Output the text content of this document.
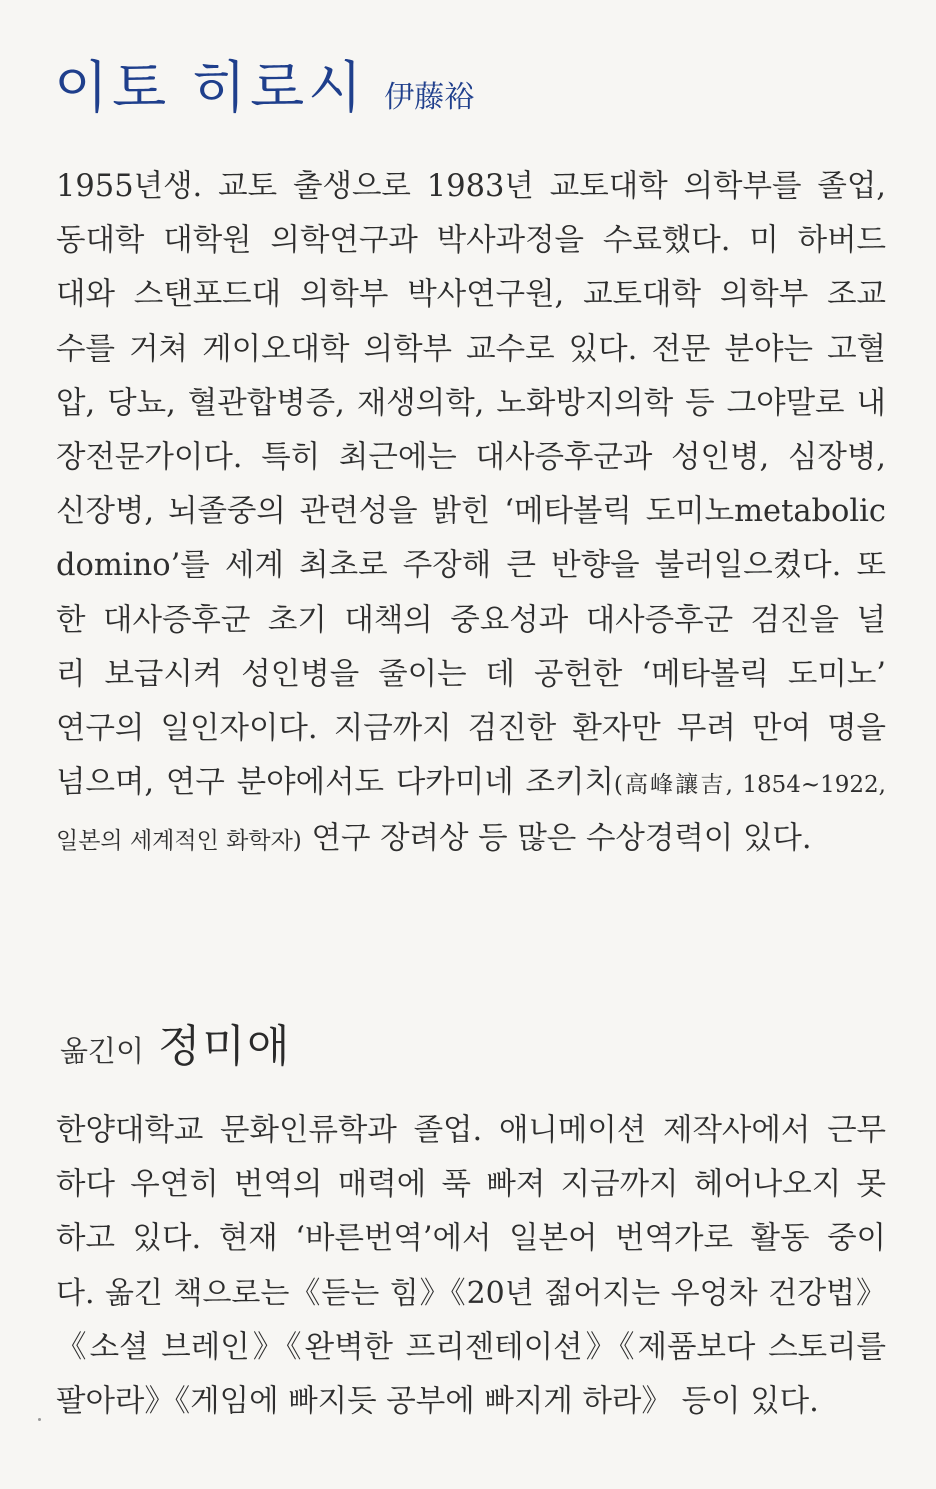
이토 히로시 伊藤裕
1955년생. 교토 출생으로 1983년 교토대학 의학부를 졸업,
동대학 대학원 의학연구과 박사과정을 수료했다. 미 하버드
대와 스탠포드대 의학부 박사연구원, 교토대학 의학부 조교
수를 거쳐 게이오대학 의학부 교수로 있다. 전문 분야는 고혈
압, 당뇨, 혈관합병증, 재생의학, 노화방지의학 등 그야말로 내
장전문가이다. 특히 최근에는 대사증후군과 성인병, 심장병,
신장병, 뇌졸중의 관련성을 밝힌 ‘메타볼릭 도미노metabolic
domino’를 세계 최초로 주장해 큰 반향을 불러일으켰다. 또
한 대사증후군 초기 대책의 중요성과 대사증후군 검진을 널
리 보급시켜 성인병을 줄이는 데 공헌한 ‘메타볼릭 도미노’
연구의 일인자이다. 지금까지 검진한 환자만 무려 만여 명을
넘으며, 연구 분야에서도 다카미네 조키치(高峰讓吉, 1854~1922,
일본의 세계적인 화학자) 연구 장려상 등 많은 수상경력이 있다.
옮긴이 정미애
한양대학교 문화인류학과 졸업. 애니메이션 제작사에서 근무
하다 우연히 번역의 매력에 푹 빠져 지금까지 헤어나오지 못
하고 있다. 현재 ‘바른번역’에서 일본어 번역가로 활동 중이
다. 옮긴 책으로는《듣는 힘》《20년 젊어지는 우엉차 건강법》
《소셜 브레인》《완벽한 프리젠테이션》《제품보다 스토리를
팔아라》《게임에 빠지듯 공부에 빠지게 하라》 등이 있다.
